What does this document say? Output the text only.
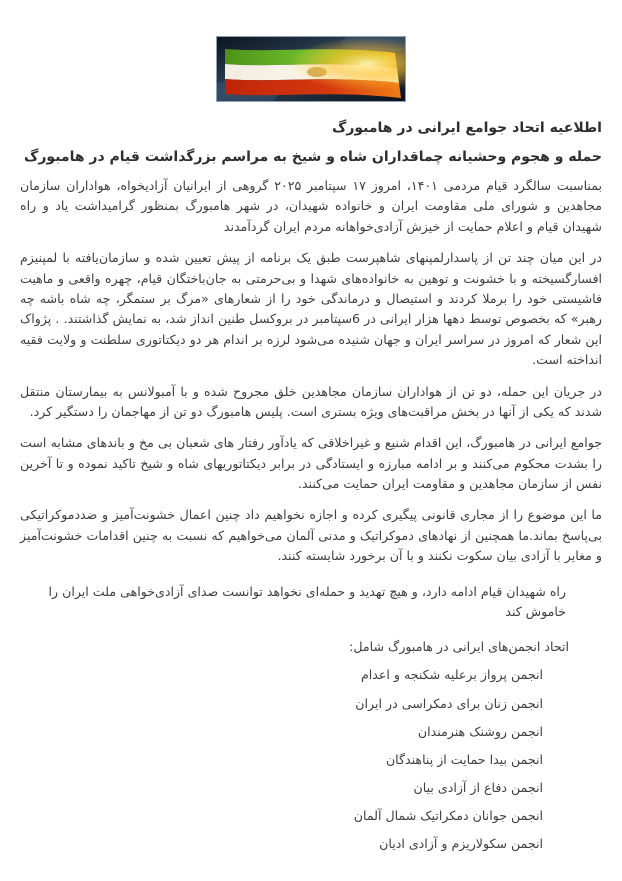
اطلاعیه اتحاد جوامع ایرانی در هامبورگ
حمله و هجوم وحشیانه چماقداران شاه و شیخ به مراسم بزرگداشت قیام در هامبورگ

بمناسبت سالگرد قیام مردمی ۱۴۰۱، امروز ۱۷ سپتامبر ۲۰۲۵ گروهی از ایرانیان آزادیخواه، هواداران سازمان مجاهدین و شورای ملی مقاومت ایران و خانواده شهیدان، در شهر هامبورگ بمنظور گرامیداشت یاد و راه شهیدان قیام و اعلام حمایت از خیزش آزادی‌خواهانه مردم ایران گردآمدند

در این میان چند تن از پاسدارلمپنهای شاهپرست طبق یک برنامه از پیش تعیین شده و سازمان‌یافته با لمپنیزم افسارگسیخته و با خشونت و توهین به خانواده‌های شهدا و بی‌حرمتی به جان‌باختگان قیام، چهره واقعی و ماهیت فاشیستی خود را برملا کردند و استیصال و درماندگی خود را از شعارهای «مرگ بر ستمگر، چه شاه باشه چه رهبر» که بخصوص توسط دهها هزار ایرانی در 6سپتامبر در بروکسل طنین انداز شد، به نمایش گذاشتند. . پژواک این شعار که امروز در سراسر ایران و جهان شنیده می‌شود لرزه بر اندام هر دو دیکتاتوری سلطنت و ولایت فقیه انداخته است.

در جریان این حمله، دو تن از هواداران سازمان مجاهدین خلق مجروح شده و با آمبولانس به بیمارستان منتقل شدند که یکی از آنها در بخش مراقبت‌های ویژه بستری است. پلیس هامبورگ دو تن از مهاجمان را دستگیر کرد.

جوامع ایرانی در هامبورگ، این اقدام شنیع و غیراخلاقی که یادآور رفتار های شعبان بی مخ و باندهای مشابه است را بشدت محکوم می‌کنند و بر ادامه مبارزه و ایستادگی در برابر دیکتاتوریهای شاه و شیخ تاکید نموده و تا آخرین نفس از سازمان مجاهدین و مقاومت ایران حمایت می‌کنند.

ما این موضوع را از مجاری قانونی پیگیری کرده و اجازه نخواهیم داد چنین اعمال خشونت‌آمیز و ضددموکراتیکی بی‌پاسخ بماند.ما همچنین از نهادهای دموکراتیک و مدنی آلمان می‌خواهیم که نسبت به چنین اقدامات خشونت‌آمیز و مغایر با آزادی بیان سکوت نکنند و با آن برخورد شایسته کنند.

راه شهیدان قیام ادامه دارد، و هیچ تهدید و حمله‌ای نخواهد توانست صدای آزادی‌خواهی ملت ایران را خاموش کند

اتحاد انجمن‌های ایرانی در هامبورگ شامل:

انجمن پرواز برعلیه شکنجه و اعدام
انجمن زنان برای دمکراسی در ایران
انجمن روشنک هنرمندان
انجمن بیدا حمایت از پناهندگان
انجمن دفاع از آزادی بیان
انجمن جوانان دمکراتیک شمال آلمان
انجمن سکولاریزم و آزادی ادیان
